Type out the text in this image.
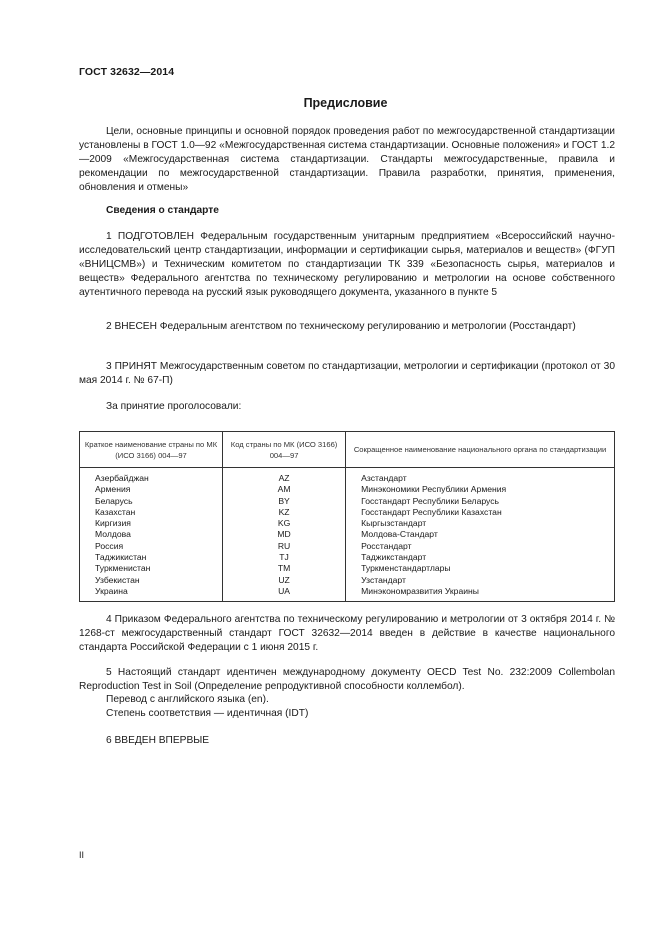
ГОСТ 32632—2014
Предисловие

Цели, основные принципы и основной порядок проведения работ по межгосударственной стандартизации установлены в ГОСТ 1.0—92 «Межгосударственная система стандартизации. Основные положения» и ГОСТ 1.2—2009 «Межгосударственная система стандартизации. Стандарты межгосударственные, правила и рекомендации по межгосударственной стандартизации. Правила разработки, принятия, применения, обновления и отмены»

Сведения о стандарте

1 ПОДГОТОВЛЕН Федеральным государственным унитарным предприятием «Всероссийский научно-исследовательский центр стандартизации, информации и сертификации сырья, материалов и веществ» (ФГУП «ВНИЦСМВ») и Техническим комитетом по стандартизации ТК 339 «Безопасность сырья, материалов и веществ» Федерального агентства по техническому регулированию и метрологии на основе собственного аутентичного перевода на русский язык руководящего документа, указанного в пункте 5

2 ВНЕСЕН Федеральным агентством по техническому регулированию и метрологии (Росстандарт)

3 ПРИНЯТ Межгосударственным советом по стандартизации, метрологии и сертификации (протокол от 30 мая 2014 г. № 67-П)

За принятие проголосовали:
Краткое наименование страны по МК (ИСО 3166) 004—97	Код страны по МК (ИСО 3166) 004—97	Сокращенное наименование национального органа по стандартизации
Азербайджан	AZ	Азстандарт
Армения	AM	Минэкономики Республики Армения
Беларусь	BY	Госстандарт Республики Беларусь
Казахстан	KZ	Госстандарт Республики Казахстан
Киргизия	KG	Кыргызстандарт
Молдова	MD	Молдова-Стандарт
Россия	RU	Росстандарт
Таджикистан	TJ	Таджикстандарт
Туркменистан	TM	Туркменстандартлары
Узбекистан	UZ	Узстандарт
Украина	UA	Минэкономразвития Украины

4 Приказом Федерального агентства по техническому регулированию и метрологии от 3 октября 2014 г. № 1268-ст межгосударственный стандарт ГОСТ 32632—2014 введен в действие в качестве национального стандарта Российской Федерации с 1 июня 2015 г.

5 Настоящий стандарт идентичен международному документу OECD Test No. 232:2009 Collembolan Reproduction Test in Soil (Определение репродуктивной способности коллембол).

Перевод с английского языка (en).
Степень соответствия — идентичная (IDT)
6 ВВЕДЕН ВПЕРВЫЕ
II
